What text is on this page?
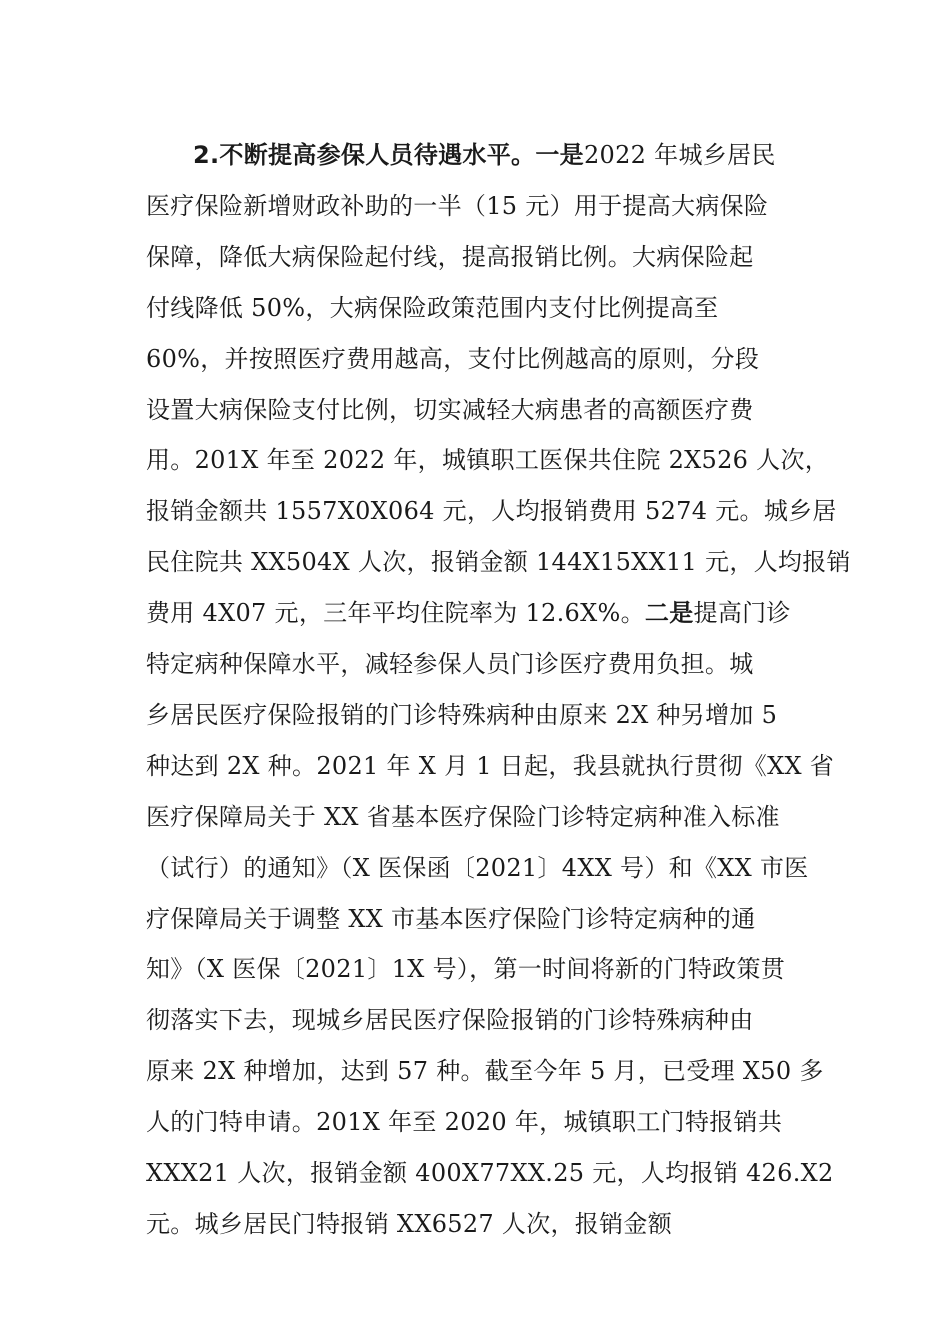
2.不断提高参保人员待遇水平。一是2022 年城乡居民
医疗保险新增财政补助的一半（15 元）用于提高大病保险
保障，降低大病保险起付线，提高报销比例。大病保险起
付线降低 50%，大病保险政策范围内支付比例提高至
60%，并按照医疗费用越高，支付比例越高的原则，分段
设置大病保险支付比例，切实减轻大病患者的高额医疗费
用。201X 年至 2022 年，城镇职工医保共住院 2X526 人次，
报销金额共 1557X0X064 元，人均报销费用 5274 元。城乡居
民住院共 XX504X 人次，报销金额 144X15XX11 元，人均报销
费用 4X07 元，三年平均住院率为 12.6X%。二是提高门诊
特定病种保障水平，减轻参保人员门诊医疗费用负担。城
乡居民医疗保险报销的门诊特殊病种由原来 2X 种另增加 5
种达到 2X 种。2021 年 X 月 1 日起，我县就执行贯彻《XX 省
医疗保障局关于 XX 省基本医疗保险门诊特定病种准入标准
（试行）的通知》（X 医保函〔2021〕4XX 号）和《XX 市医
疗保障局关于调整 XX 市基本医疗保险门诊特定病种的通
知》（X 医保〔2021〕1X 号），第一时间将新的门特政策贯
彻落实下去，现城乡居民医疗保险报销的门诊特殊病种由
原来 2X 种增加，达到 57 种。截至今年 5 月，已受理 X50 多
人的门特申请。201X 年至 2020 年，城镇职工门特报销共
XXX21 人次，报销金额 400X77XX.25 元，人均报销 426.X2
元。城乡居民门特报销 XX6527 人次，报销金额
